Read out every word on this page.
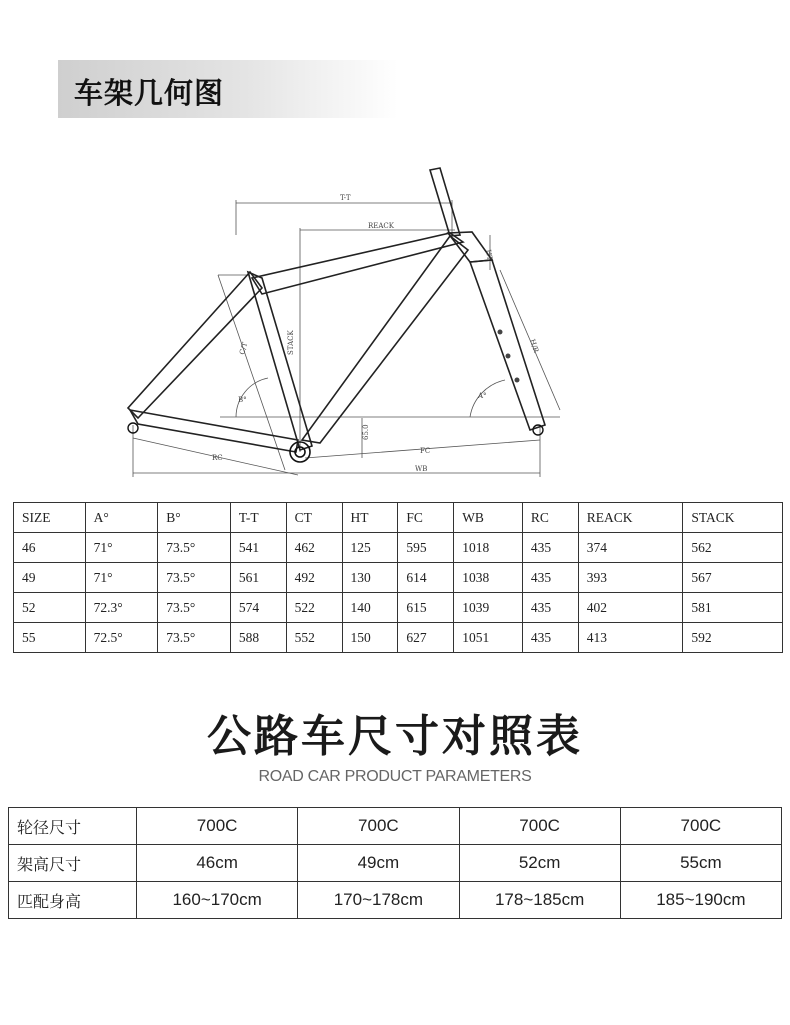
车架几何图
T-T
REACK
STACK
C/T
HT
H/R
FC
WB
RC
65.0
B°	A°
SIZE	A°	B°	T-T	CT	HT	FC	WB	RC	REACK	STACK
46	71°	73.5°	541	462	125	595	1018	435	374	562
49	71°	73.5°	561	492	130	614	1038	435	393	567
52	72.3°	73.5°	574	522	140	615	1039	435	402	581
55	72.5°	73.5°	588	552	150	627	1051	435	413	592
公路车尺寸对照表
ROAD CAR PRODUCT PARAMETERS
轮径尺寸	700C	700C	700C	700C
架高尺寸	46cm	49cm	52cm	55cm
匹配身高	160~170cm	170~178cm	178~185cm	185~190cm
